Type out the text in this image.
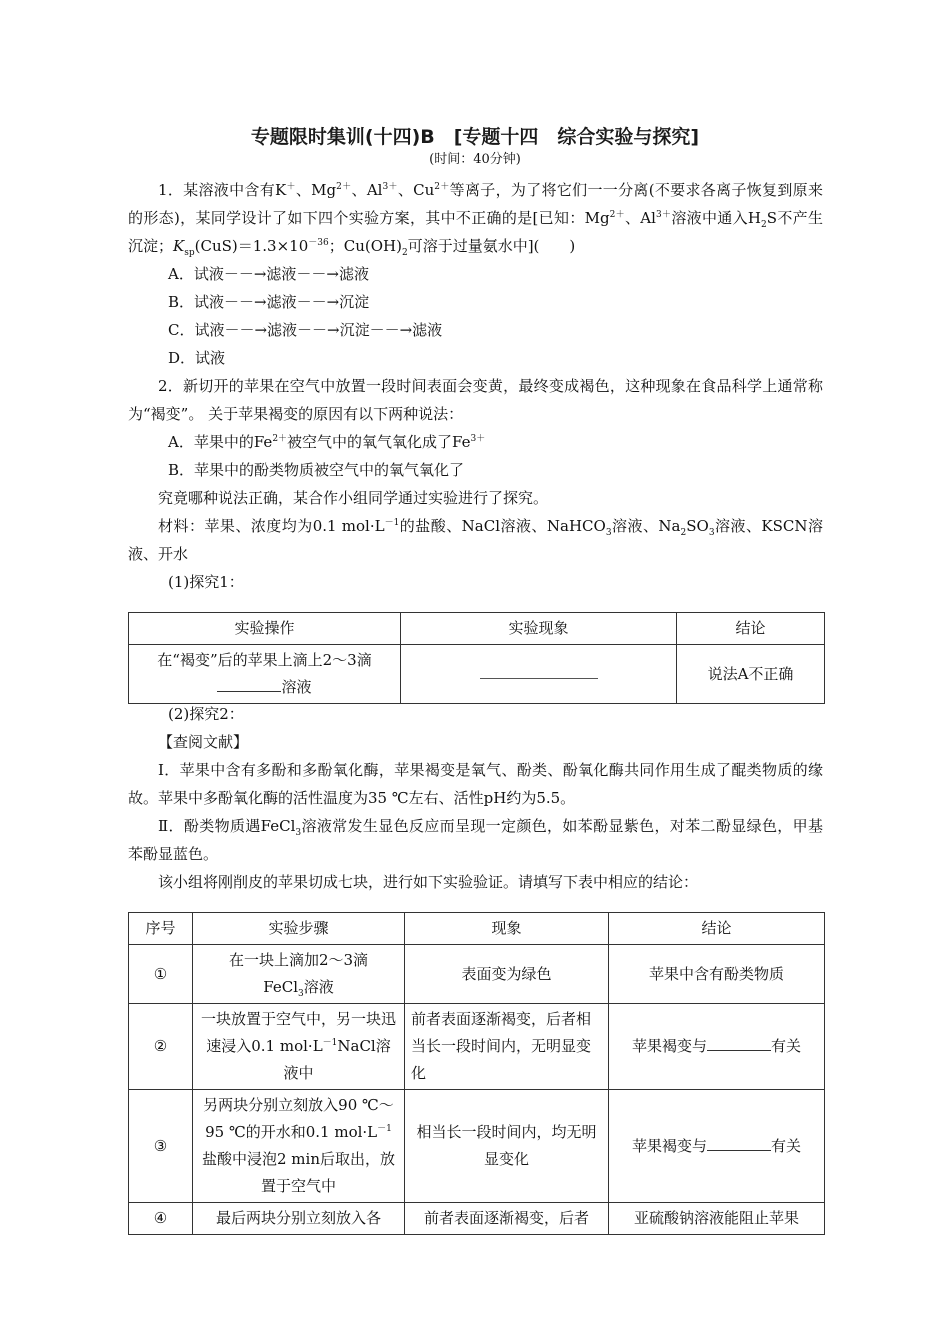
专题限时集训(十四)B　[专题十四　综合实验与探究]
(时间：40分钟)

1．某溶液中含有K＋、$Mg^{2+}$、$Al^{3+}$、$Cu^{2+}$等离子，为了将它们一一分离(不要求各离子恢复到原来的形态)，某同学设计了如下四个实验方案，其中不正确的是[已知：$Mg^{2+}$、$Al^{3+}$溶液中通入$H_2S$不产生沉淀；$K_{sp}(CuS)=1.3\times 10^{-36}$；$Cu(OH)_2$可溶于过量氨水中](　　)

A．试液－－→滤液－－→滤液

B．试液－－→滤液－－→沉淀

C．试液－－→滤液－－→沉淀－－→滤液

D．试液

2．新切开的苹果在空气中放置一段时间表面会变黄，最终变成褐色，这种现象在食品科学上通常称为“褐变”。 关于苹果褐变的原因有以下两种说法：

A．苹果中的$Fe^{2+}$被空气中的氧气氧化成了$Fe^{3+}$

B．苹果中的酚类物质被空气中的氧气氧化了

究竟哪种说法正确，某合作小组同学通过实验进行了探究。

材料：苹果、浓度均为0.1 $mol\cdot L^{-1}$的盐酸、NaCl溶液、NaHCO$_3$溶液、$Na_2SO_3$溶液、KSCN溶液、开水

(1)探究1：

实验操作	实验现象	结论
在“褐变”后的苹果上滴上2～3滴
溶液		说法A不正确

(2)探究2：

【查阅文献】

Ⅰ．苹果中含有多酚和多酚氧化酶，苹果褐变是氧气、酚类、酚氧化酶共同作用生成了醌类物质的缘故。苹果中多酚氧化酶的活性温度为35 ℃左右、活性pH约为5.5。

Ⅱ．酚类物质遇FeCl$_3$溶液常发生显色反应而呈现一定颜色，如苯酚显紫色，对苯二酚显绿色，甲基苯酚显蓝色。

该小组将刚削皮的苹果切成七块，进行如下实验验证。请填写下表中相应的结论：

序号	实验步骤	现象	结论
①	在一块上滴加2～3滴
FeCl$_3$溶液	表面变为绿色	苹果中含有酚类物质
②	一块放置于空气中，另一块迅速浸入0.1 $mol\cdot L^{-1}NaCl$溶液中	前者表面逐渐褐变，后者相当长一段时间内，无明显变化	苹果褐变与 有关
③	另两块分别立刻放入90 ℃～95 ℃的开水和0.1 $mol\cdot L^{-1}$盐酸中浸泡2 min后取出，放置于空气中	相当长一段时间内，均无明显变化	苹果褐变与 有关
④	最后两块分别立刻放入各	前者表面逐渐褐变，后者	亚硫酸钠溶液能阻止苹果
